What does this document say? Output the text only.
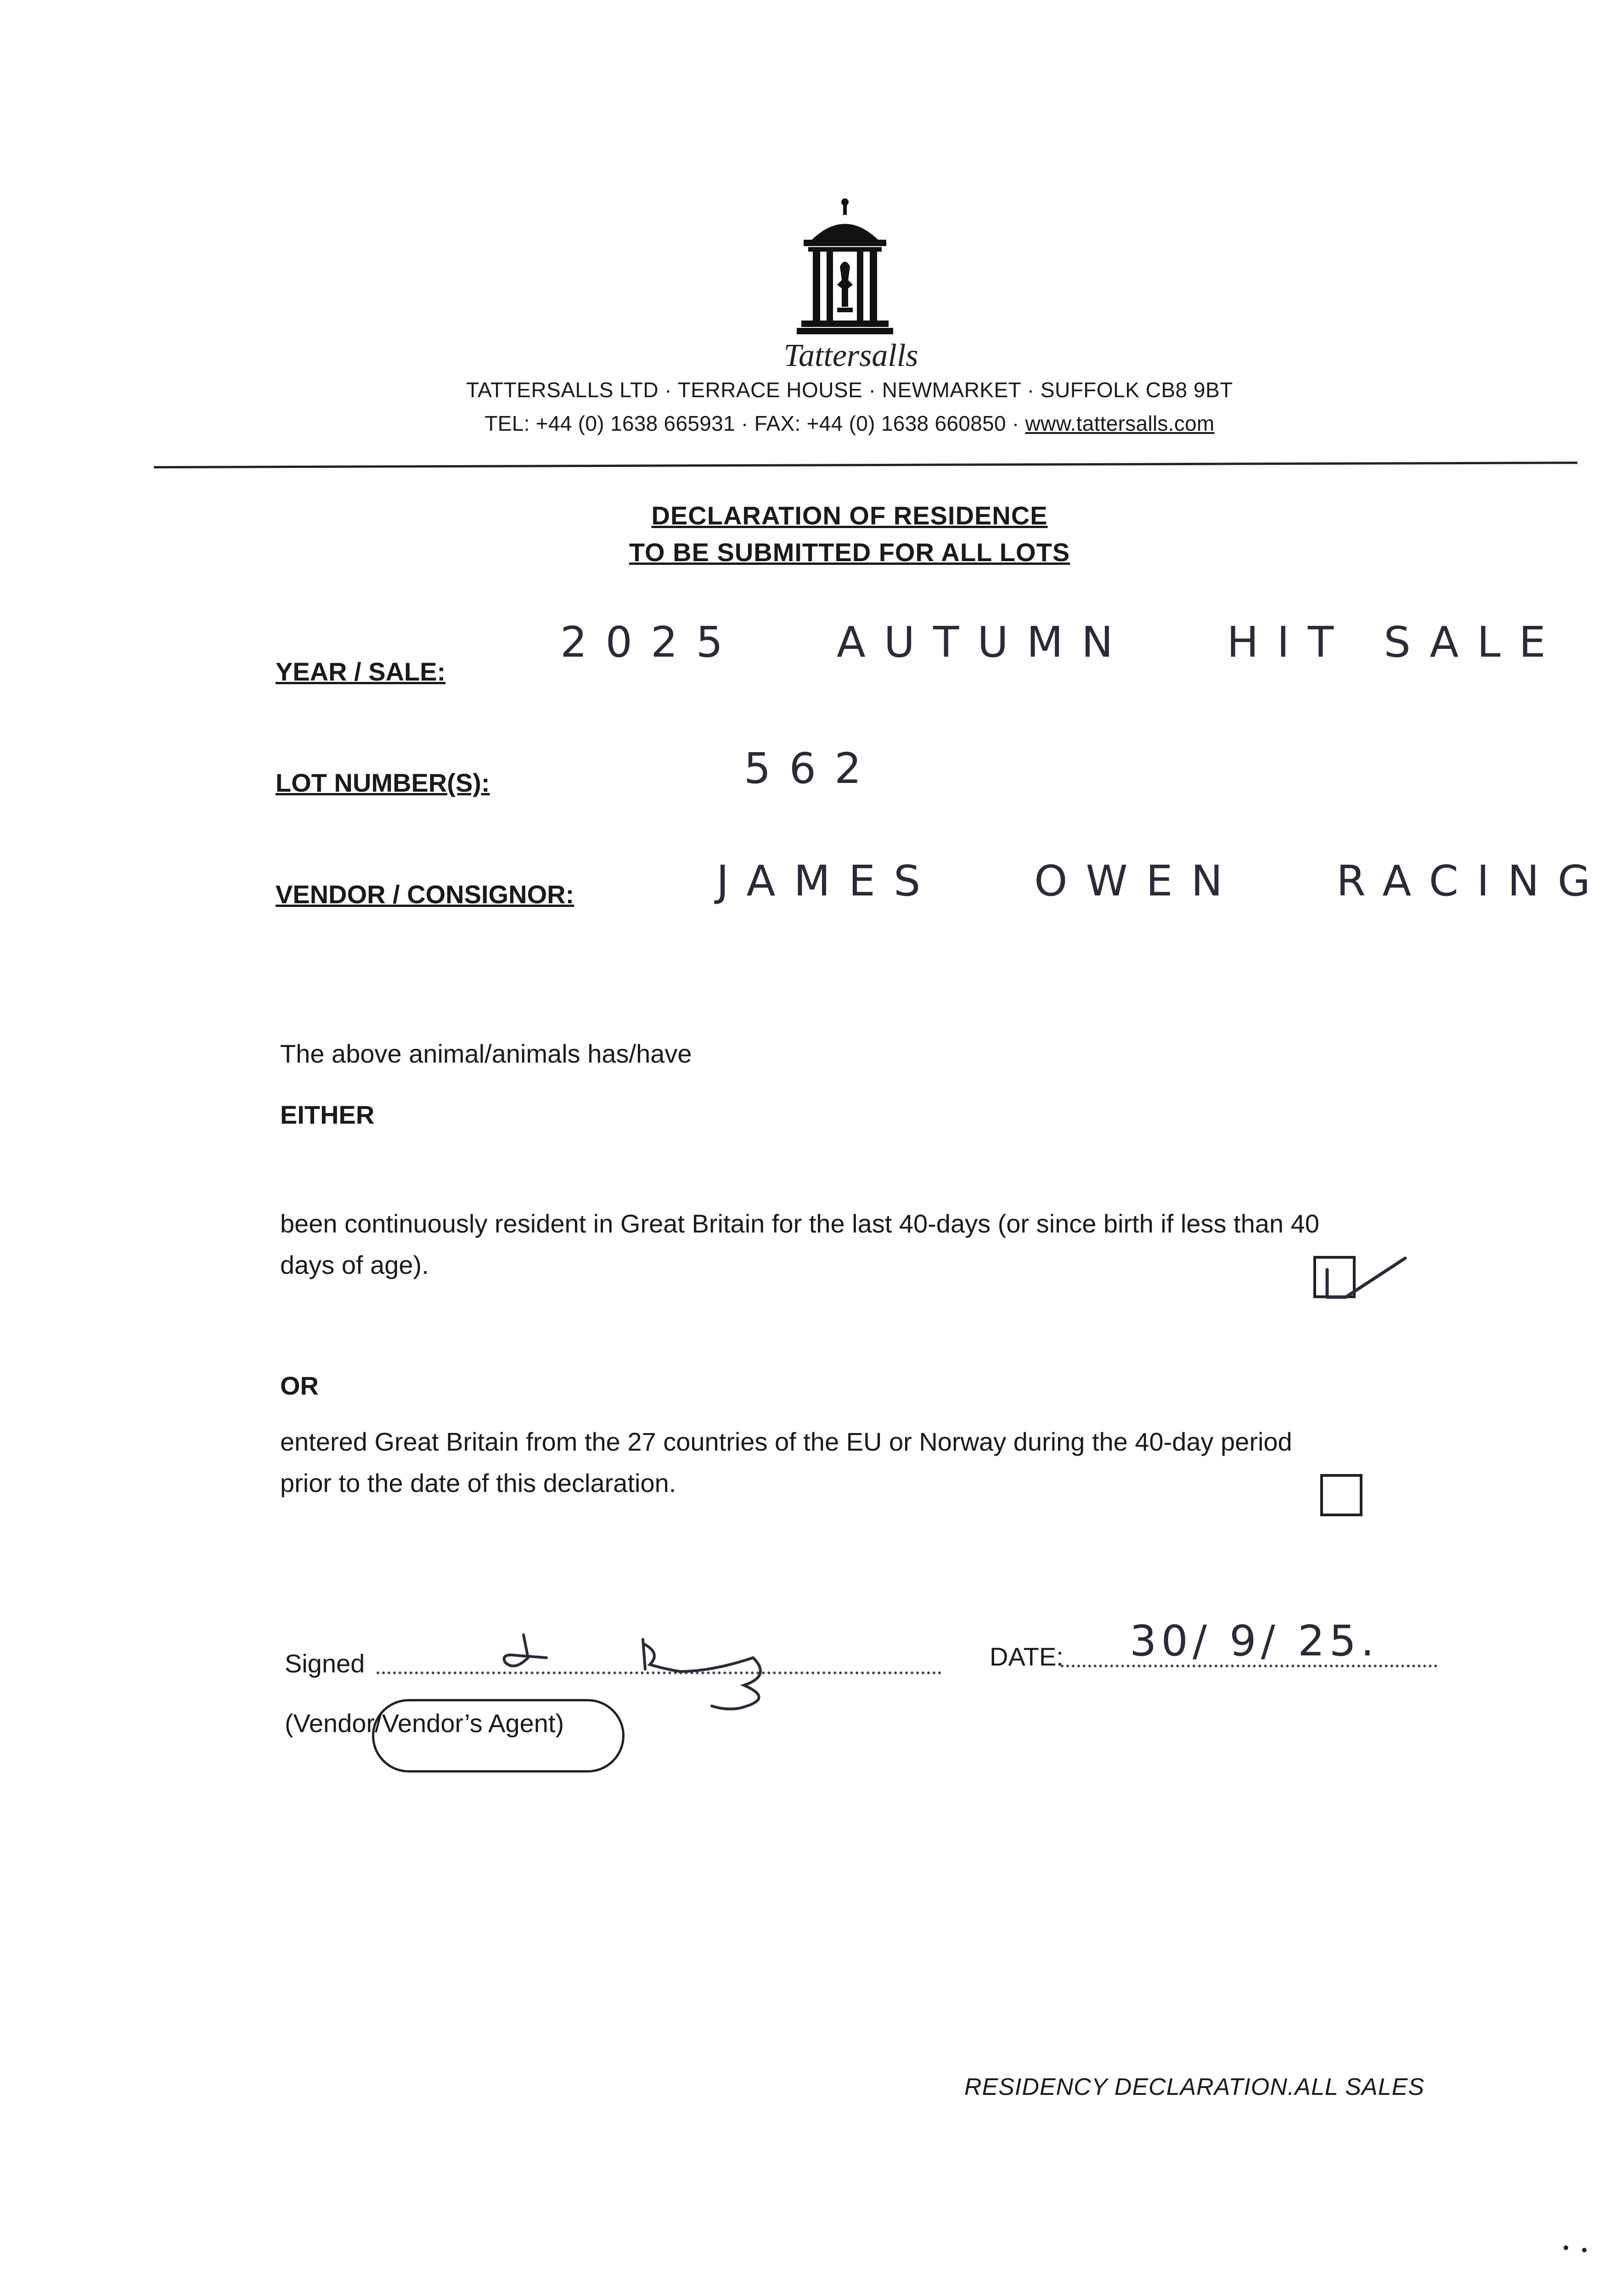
Tattersalls
TATTERSALLS LTD · TERRACE HOUSE · NEWMARKET · SUFFOLK CB8 9BT
TEL: +44 (0) 1638 665931 · FAX: +44 (0) 1638 660850 · www.tattersalls.com
DECLARATION OF RESIDENCE
TO BE SUBMITTED FOR ALL LOTS
YEAR / SALE:
2025   AUTUMN   HIT SALE
LOT NUMBER(S):	562
VENDOR / CONSIGNOR:	JAMES   OWEN   RACING
The above animal/animals has/have
EITHER
been continuously resident in Great Britain for the last 40-days (or since birth if less than 40
days of age).
OR
entered Great Britain from the 27 countries of the EU or Norway during the 40-day period
prior to the date of this declaration.
Signed	DATE: 30/ 9/ 25.
(Vendor/Vendor’s Agent)
RESIDENCY DECLARATION.ALL SALES
